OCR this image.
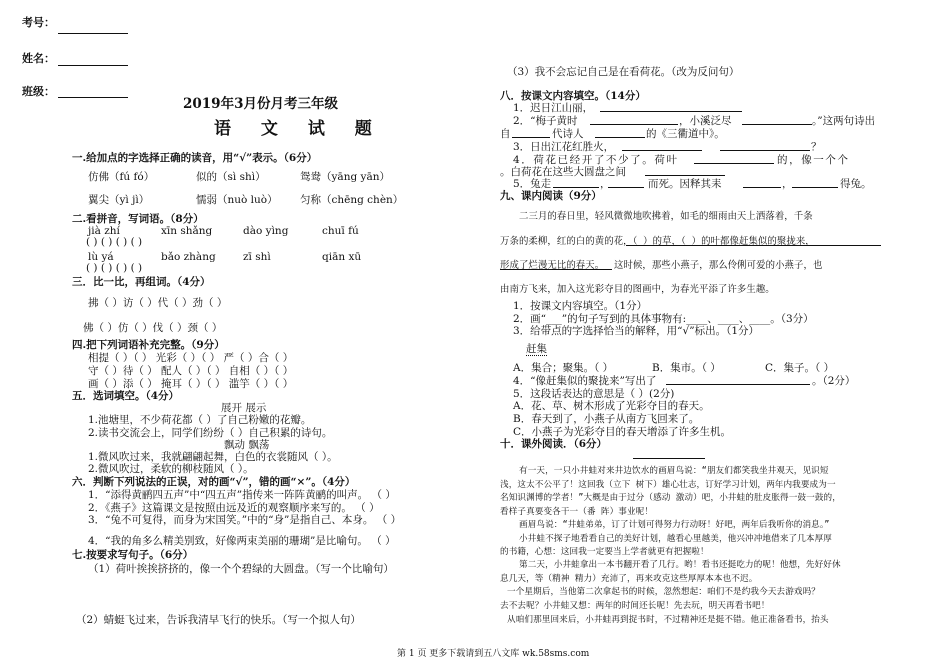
考号：
姓名：
班级：
2019年3月份月考三年级
语 文 试 题
一.给加点的字选择正确的读音，用“√”表示。（6分）
仿佛（fú fó）	似的（sì shì）	鸳鸯（yāng yān）
翼尖（yì jì）	懦弱（nuò luò） 匀称（chēng chèn）
二.看拼音，写词语。（8分）
jià zhí	xīn shǎng	dào yìng	chuī fú
( ) ( ) ( ) ( )
lù yá	bǎo zhàng	zī shì	qiān xū
( ) ( ) ( ) ( )
三．比一比，再组词。（4分）
拂（ ）访（ ）代（ ）劲（ ）
佛（ ）仿（ ）伐（ ）颈（ ）
四.把下列词语补充完整。（9分）
相提（ ）（ ） 光彩（ ）（ ） 严（ ）合（ ）
守（ ）待（ ） 配人（ ）（ ） 自相（ ）（ ）
画（ ）添（ ） 掩耳（ ）（ ） 滥竽（ ）（ ）
五．选词填空。（4分）
展开 展示
1.池塘里，不少荷花都（ ）了自己粉嫩的花瓣。
2.读书交流会上，同学们纷纷（ ）自己积累的诗句。
飘动 飘荡
1.微风吹过来，我就翩翩起舞，白色的衣裳随风（ ）。
2.微风吹过，柔软的柳枝随风（ ）。
六．判断下列说法的正误，对的画“√”，错的画“×”。（4分）
1．“添得黄鹂四五声”中“四五声”指传来一阵阵黄鹂的叫声。 （ ）
2．《燕子》这篇课文是按照由远及近的观察顺序来写的。 （ ）
3．“兔不可复得，而身为宋国笑。”中的“身”是指自己、本身。 （ ）
4．“我的角多么精美别致，好像两束美丽的珊瑚”是比喻句。 （ ）
七.按要求写句子。（6分）
（1）荷叶挨挨挤挤的，像一个个碧绿的大圆盘。（写一个比喻句）
（2）蜻蜓飞过来，告诉我清早飞行的快乐。（写一个拟人句）
（3）我不会忘记自己是在看荷花。（改为反问句）
八．按课文内容填空。（14分）
1．迟日江山丽，
2．“梅子黄时	，小溪泛尽	。”这两句诗出
自	代诗人	的《三衢道中》。
3．日出江花红胜火，	？
4．荷花已经开了不少了。荷叶	的，像一个个
。白荷花在这些大圆盘之间
5．兔走	，	而死。因释其耒	，	得兔。
九、课内阅读（9分）
二三月的春日里，轻风微微地吹拂着，如毛的细雨由天上洒落着，千条
万条的柔柳，红的白的黄的花，（ ）的草，（ ）的叶都像赶集似的聚拢来，
形成了烂漫无比的春天。 这时候，那些小燕子，那么伶俐可爱的小燕子，也
由南方飞来，加入这光彩夺目的图画中，为春光平添了许多生趣。
1．按课文内容填空。（1分）
2．画“___”的句子写到的具体事物有:____、____、____。（3分）
3．给带点的字选择恰当的解释，用“√”标出。（1分）
赶集
A．集合；聚集。（ ）	B．集市。（ ）	C．集子。（ ）
4．“像赶集似的聚拢来”写出了	。（2分）
5．这段话表达的意思是（ ）(2分)
A．花、草、树木形成了光彩夺目的春天。
B．春天到了，小燕子从南方飞回来了。
C．小燕子为光彩夺目的春天增添了许多生机。
十．课外阅读．（6分）
有一天，一只小井蛙对来井边饮水的画眉鸟说：“朋友们都笑我坐井观天，见识短
浅，这太不公平了！这回我（立下 树下）雄心壮志，订好学习计划，两年内我要成为一
名知识渊博的学者！”大概是由于过分（感动 激动）吧，小井蛙的肚皮胀得一鼓一鼓的，
看样子真要变各干一（番 阵）事业呢！
画眉鸟说：“井蛙弟弟，订了计划可得努力行动呀！好吧，两年后我听你的消息。”
小井蛙不探子地看看自己的美好计划，越看心里越美，他兴冲冲地借来了几本厚厚
的书籍，心想：这回我一定要当上学者就更有把握啦！
第二天，小井蛙拿出一本书翻开看了几行。哟！看书还挺吃力的呢！他想，先好好休
息几天，等（精神 精力）充沛了，再来攻克这些厚厚本本也不迟。
一个星期后，当他第二次拿起书的时候，忽然想起：咱们不是约我今天去游戏吗？
去不去呢？小井蛙又想：两年的时间还长呢！先去玩，明天再看书吧！
从咱们那里回来后，小井蛙再到捉书时，不过精神还是挺不错。他正准备看书，抬头
第 1 页 更多下载请到五八文库 wk.58sms.com
